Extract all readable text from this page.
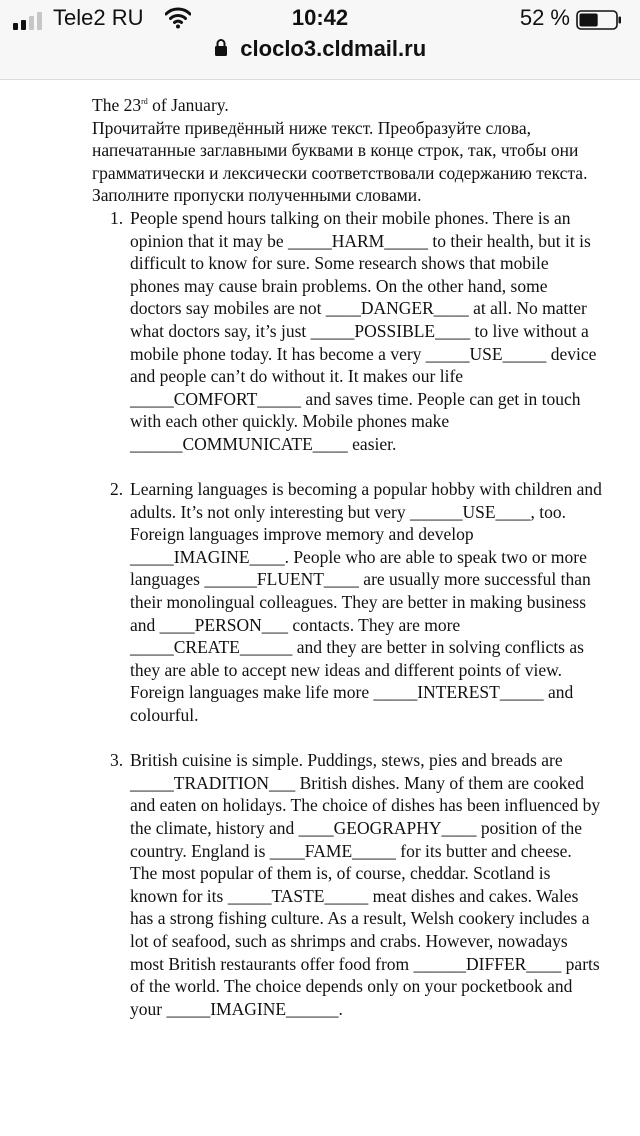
Tele2 RU	10:42	52 %
cloclo3.cldmail.ru

The 23rd of January.

Прочитайте приведённый ниже текст. Преобразуйте слова, напечатанные заглавными буквами в конце строк, так, чтобы они грамматически и лексически соответствовали содержанию текста. Заполните пропуски полученными словами.

1. People spend hours talking on their mobile phones. There is an opinion that it may be _____HARM_____ to their health, but it is difficult to know for sure. Some research shows that mobile phones may cause brain problems. On the other hand, some doctors say mobiles are not ____DANGER____ at all. No matter what doctors say, it’s just _____POSSIBLE____ to live without a mobile phone today. It has become a very _____USE_____ device and people can’t do without it. It makes our life _____COMFORT_____ and saves time. People can get in touch with each other quickly. Mobile phones make ______COMMUNICATE____ easier.

2. Learning languages is becoming a popular hobby with children and adults. It’s not only interesting but very ______USE____, too. Foreign languages improve memory and develop _____IMAGINE____. People who are able to speak two or more languages ______FLUENT____ are usually more successful than their monolingual colleagues. They are better in making business and ____PERSON___ contacts. They are more _____CREATE______ and they are better in solving conflicts as they are able to accept new ideas and different points of view. Foreign languages make life more _____INTEREST_____ and colourful.

3. British cuisine is simple. Puddings, stews, pies and breads are _____TRADITION___ British dishes. Many of them are cooked and eaten on holidays. The choice of dishes has been influenced by the climate, history and ____GEOGRAPHY____ position of the country. England is ____FAME_____ for its butter and cheese. The most popular of them is, of course, cheddar. Scotland is known for its _____TASTE_____ meat dishes and cakes. Wales has a strong fishing culture. As a result, Welsh cookery includes a lot of seafood, such as shrimps and crabs. However, nowadays most British restaurants offer food from ______DIFFER____ parts of the world. The choice depends only on your pocketbook and your _____IMAGINE______.
